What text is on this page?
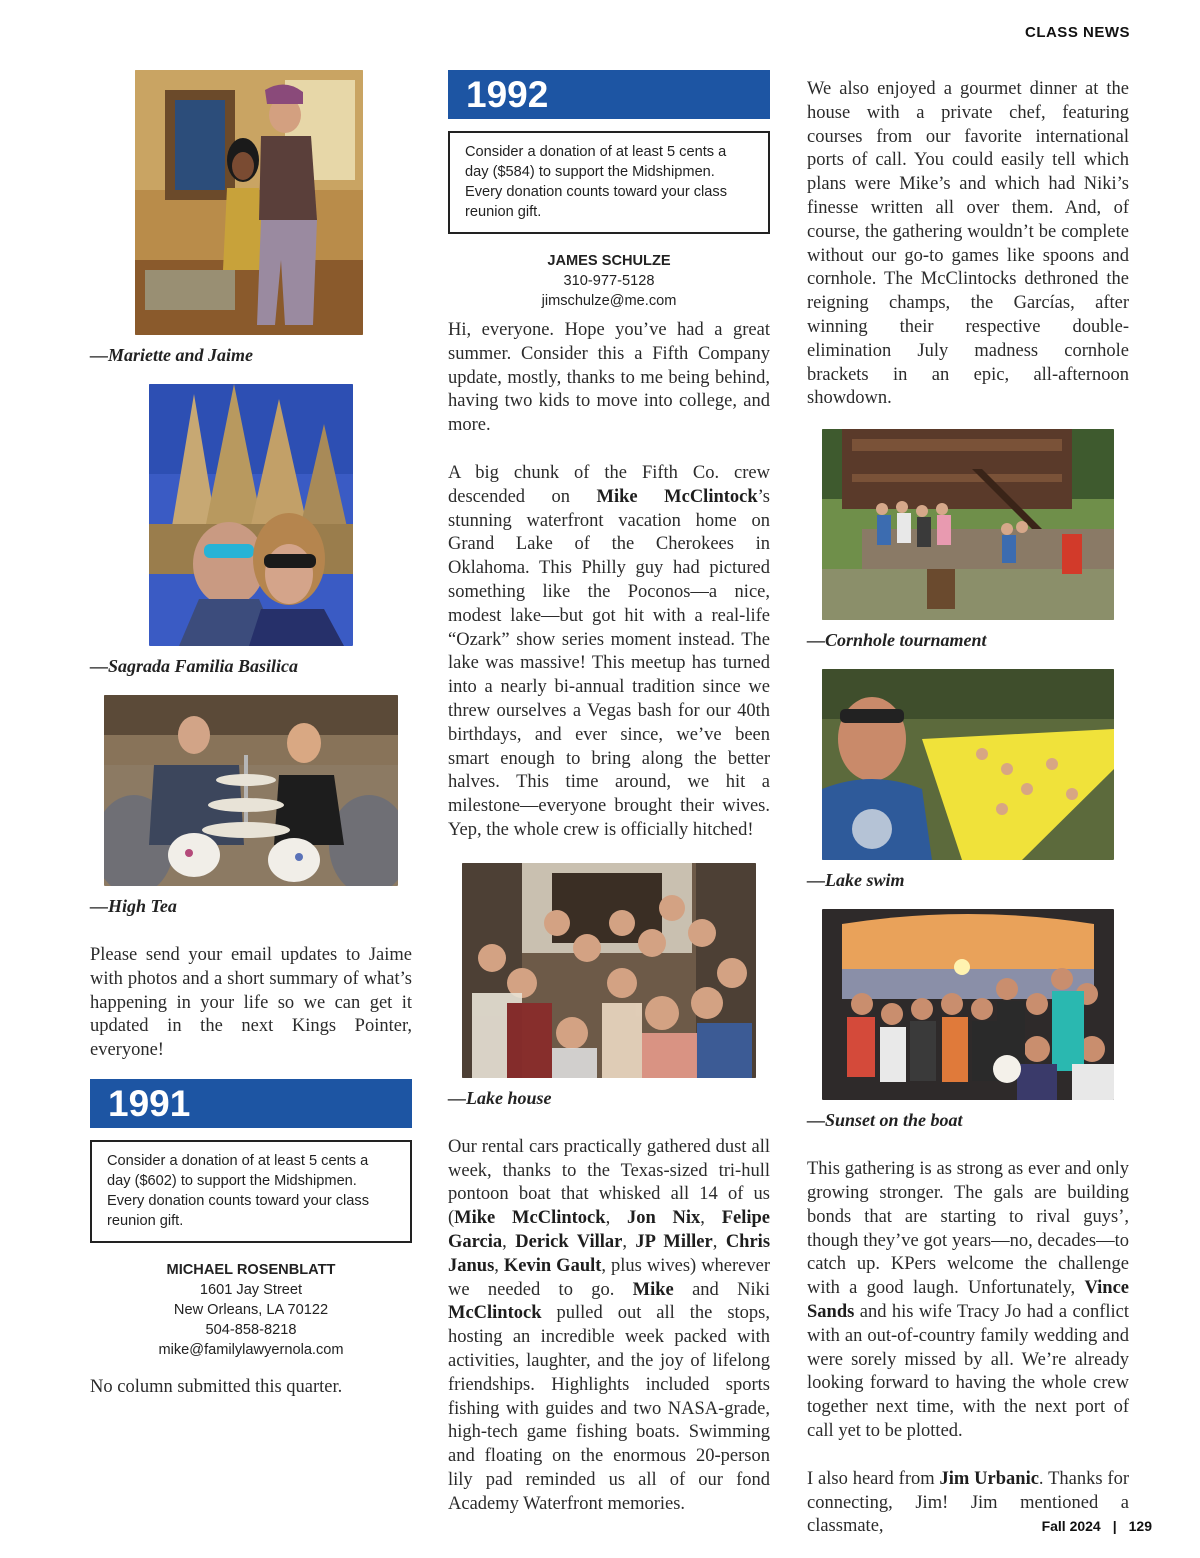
CLASS NEWS
—Mariette and Jaime
—Sagrada Familia Basilica
—High Tea

Please send your email updates to Jaime with photos and a short summary of what’s happening in your life so we can get it updated in the next Kings Pointer, everyone!

1991
Consider a donation of at least 5 cents a day ($602) to support the Midshipmen. Every donation counts toward your class reunion gift.
MICHAEL ROSENBLATT
1601 Jay Street
New Orleans, LA 70122
504-858-8218
mike@familylawyernola.com

No column submitted this quarter.

1992
Consider a donation of at least 5 cents a day ($584) to support the Midshipmen. Every donation counts toward your class reunion gift.
JAMES SCHULZE
310-977-5128
jimschulze@me.com

Hi, everyone. Hope you’ve had a great summer. Consider this a Fifth Company update, mostly, thanks to me being behind, having two kids to move into college, and more.

A big chunk of the Fifth Co. crew descended on Mike McClintock’s stunning waterfront vacation home on Grand Lake of the Cherokees in Oklahoma. This Philly guy had pictured something like the Poconos—a nice, modest lake—but got hit with a real-life “Ozark” show series moment instead. The lake was massive! This meetup has turned into a nearly bi-annual tradition since we threw ourselves a Vegas bash for our 40th birthdays, and ever since, we’ve been smart enough to bring along the better halves. This time around, we hit a milestone—everyone brought their wives. Yep, the whole crew is officially hitched!

—Lake house

Our rental cars practically gathered dust all week, thanks to the Texas-sized tri-hull pontoon boat that whisked all 14 of us (Mike McClintock, Jon Nix, Felipe Garcia, Derick Villar, JP Miller, Chris Janus, Kevin Gault, plus wives) wherever we needed to go. Mike and Niki McClintock pulled out all the stops, hosting an incredible week packed with activities, laughter, and the joy of lifelong friendships. Highlights included sports fishing with guides and two NASA-grade, high-tech game fishing boats. Swimming and floating on the enormous 20-person lily pad reminded us all of our fond Academy Waterfront memories.

We also enjoyed a gourmet dinner at the house with a private chef, featuring courses from our favorite international ports of call. You could easily tell which plans were Mike’s and which had Niki’s finesse written all over them. And, of course, the gathering wouldn’t be complete without our go-to games like spoons and cornhole. The McClintocks dethroned the reigning champs, the Garcías, after winning their respective double-elimination July madness cornhole brackets in an epic, all-afternoon showdown.

—Cornhole tournament
—Lake swim
—Sunset on the boat

This gathering is as strong as ever and only growing stronger. The gals are building bonds that are starting to rival guys’, though they’ve got years—no, decades—to catch up. KPers welcome the challenge with a good laugh. Unfortunately, Vince Sands and his wife Tracy Jo had a conflict with an out-of-country family wedding and were sorely missed by all. We’re already looking forward to having the whole crew together next time, with the next port of call yet to be plotted.

I also heard from Jim Urbanic. Thanks for connecting, Jim! Jim mentioned a classmate,	Fall 2024 | 129
